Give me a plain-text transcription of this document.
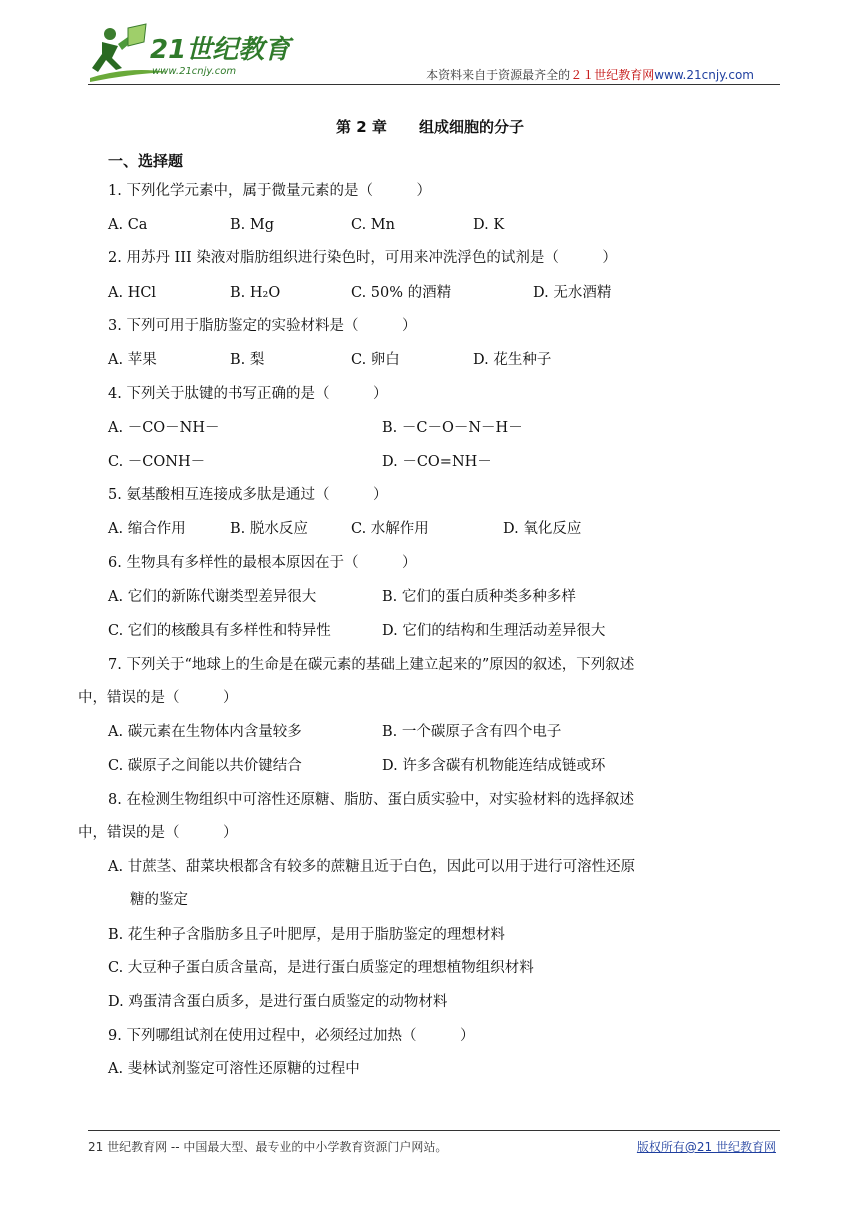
21世纪教育
www.21cnjy.com	本资料来自于资源最齐全的２１世纪教育网www.21cnjy.com
第 2 章 组成细胞的分子
一、选择题
1. 下列化学元素中，属于微量元素的是（　　　）
A. Ca	B. Mg	C. Mn	D. K
2. 用苏丹 III 染液对脂肪组织进行染色时，可用来冲洗浮色的试剂是（　　　）
A. HCl	B. H₂O	C. 50% 的酒精	D. 无水酒精
3. 下列可用于脂肪鉴定的实验材料是（　　　）
A. 苹果	B. 梨	C. 卵白	D. 花生种子
4. 下列关于肽键的书写正确的是（　　　）
A. －CO－NH－	B. －C－O－N－H－
C. －CONH－	D. －CO=NH－
5. 氨基酸相互连接成多肽是通过（　　　）
A. 缩合作用	B. 脱水反应	C. 水解作用	D. 氧化反应
6. 生物具有多样性的最根本原因在于（　　　）
A. 它们的新陈代谢类型差异很大	B. 它们的蛋白质种类多种多样
C. 它们的核酸具有多样性和特异性	D. 它们的结构和生理活动差异很大
7. 下列关于“地球上的生命是在碳元素的基础上建立起来的”原因的叙述，下列叙述
中，错误的是（　　　）
A. 碳元素在生物体内含量较多	B. 一个碳原子含有四个电子
C. 碳原子之间能以共价键结合	D. 许多含碳有机物能连结成链或环
8. 在检测生物组织中可溶性还原糖、脂肪、蛋白质实验中，对实验材料的选择叙述
中，错误的是（　　　）
A. 甘蔗茎、甜菜块根都含有较多的蔗糖且近于白色，因此可以用于进行可溶性还原
糖的鉴定
B. 花生种子含脂肪多且子叶肥厚，是用于脂肪鉴定的理想材料
C. 大豆种子蛋白质含量高，是进行蛋白质鉴定的理想植物组织材料
D. 鸡蛋清含蛋白质多，是进行蛋白质鉴定的动物材料
9. 下列哪组试剂在使用过程中，必须经过加热（　　　）
A. 斐林试剂鉴定可溶性还原糖的过程中
21 世纪教育网 -- 中国最大型、最专业的中小学教育资源门户网站。	版权所有@21 世纪教育网
